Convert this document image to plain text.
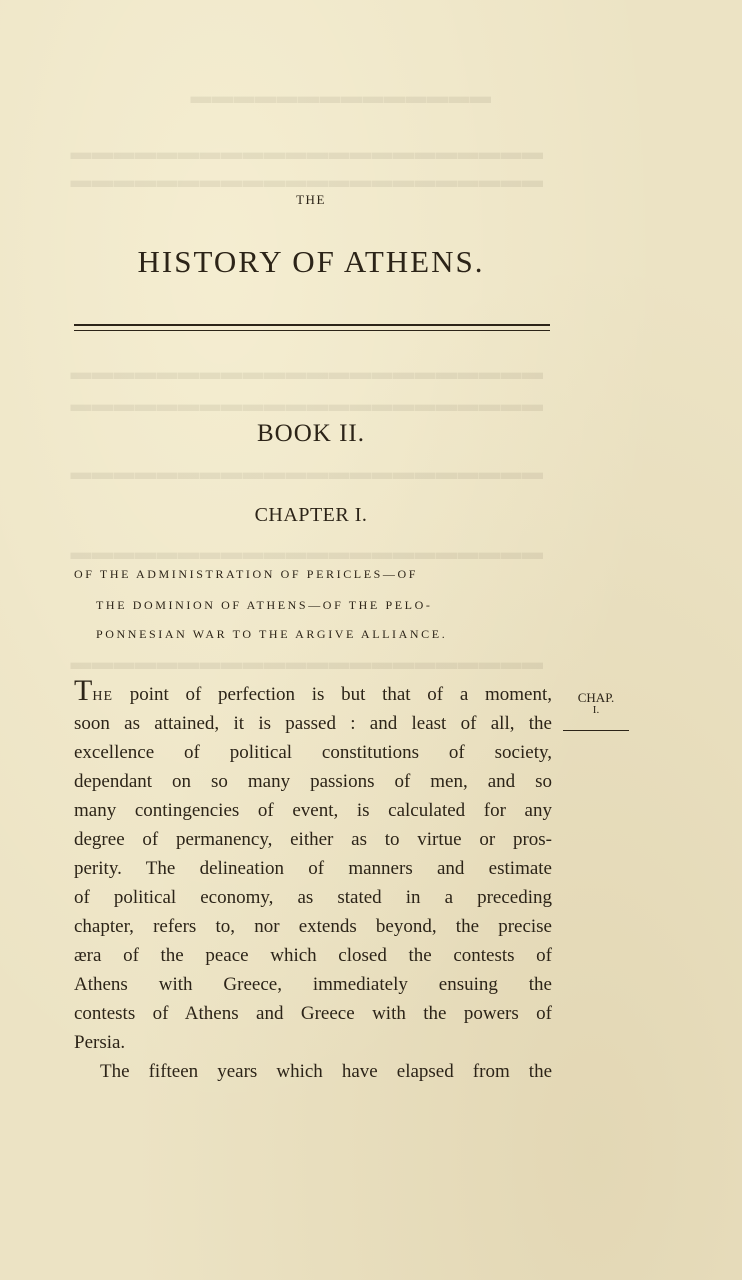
▬▬▬▬▬▬▬▬▬▬▬▬▬▬
▬▬▬▬▬▬▬▬▬▬▬▬▬▬▬▬▬▬▬▬▬▬
▬▬▬▬▬▬▬▬▬▬▬▬▬▬▬▬▬▬▬▬▬▬
▬▬▬▬▬▬▬▬▬▬▬▬▬▬▬▬▬▬▬▬▬▬
▬▬▬▬▬▬▬▬▬▬▬▬▬▬▬▬▬▬▬▬▬▬
▬▬▬▬▬▬▬▬▬▬▬▬▬▬▬▬▬▬▬▬▬▬
▬▬▬▬▬▬▬▬▬▬▬▬▬▬▬▬▬▬▬▬▬▬
▬▬▬▬▬▬▬▬▬▬▬▬▬▬▬▬▬▬▬▬▬▬
THE
HISTORY OF ATHENS.
BOOK II.
CHAPTER I.
OF THE ADMINISTRATION OF PERICLES—OF
THE DOMINION OF ATHENS—OF THE PELO-
PONNESIAN WAR TO THE ARGIVE ALLIANCE.
CHAP.
I.
THE point of perfection is but that of a moment,
soon as attained, it is passed : and least of all, the
excellence of political constitutions of society,
dependant on so many passions of men, and so
many contingencies of event, is calculated for any
degree of permanency, either as to virtue or pros-
perity. The delineation of manners and estimate
of political economy, as stated in a preceding
chapter, refers to, nor extends beyond, the precise
æra of the peace which closed the contests of
Athens with Greece, immediately ensuing the
contests of Athens and Greece with the powers of
Persia.
The fifteen years which have elapsed from the
